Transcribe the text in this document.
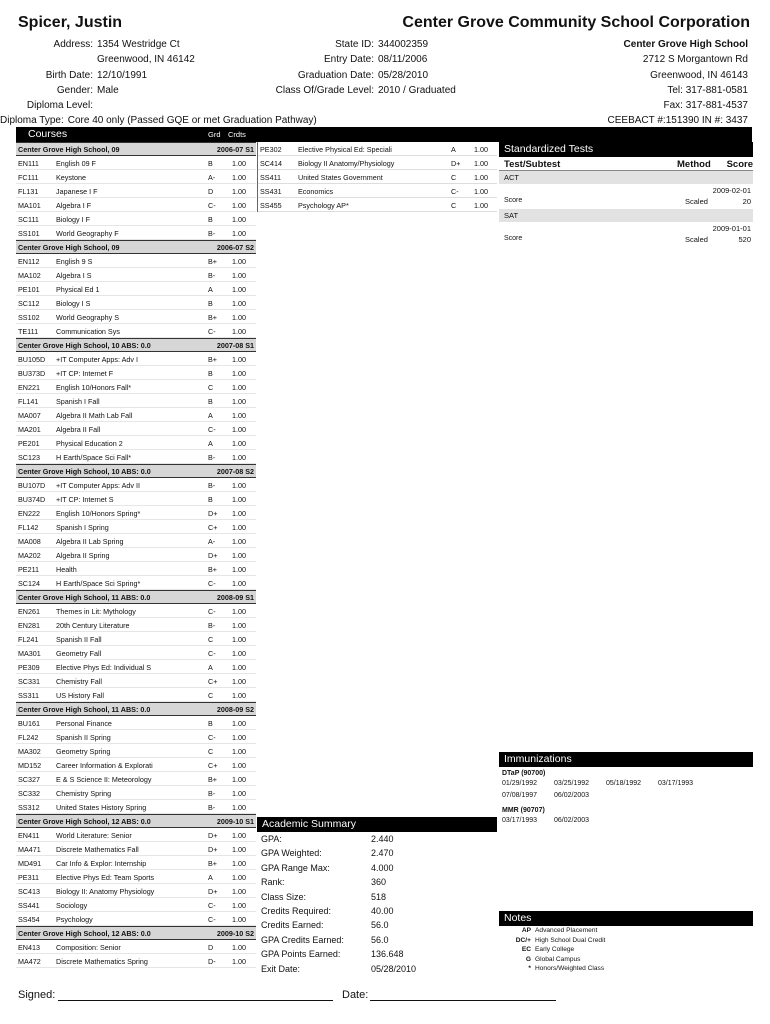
Spicer, Justin	Center Grove Community School Corporation
Address: 1354 Westridge Ct
Greenwood, IN 46142
Birth Date: 12/10/1991
Gender: Male
Diploma Level:
Diploma Type: Core 40 only (Passed GQE or met Graduation Pathway)
State ID: 344002359
Entry Date: 08/11/2006
Graduation Date: 05/28/2010
Class Of/Grade Level: 2010 / Graduated
Center Grove High School
2712 S Morgantown Rd
Greenwood, IN 46143
Tel: 317-881-0581
Fax: 317-881-4537
CEEBACT #:151390 IN #: 3437
Courses	Grd Crdts
Center Grove High School, 09	2006-07 S1
EN111 English 09 F	B	1.00
FC111 Keystone	A- 1.00
FL131 Japanese I F	D	1.00
MA101 Algebra I F	C- 1.00
SC111 Biology I F	B	1.00
SS101 World Geography F	B- 1.00
Center Grove High School, 09	2006-07 S2
EN112 English 9 S	B+ 1.00
MA102 Algebra I S	B- 1.00
PE101 Physical Ed 1	A	1.00
SC112 Biology I S	B	1.00
SS102 World Geography S	B+ 1.00
TE111 Communication Sys	C- 1.00
Center Grove High School, 10 ABS: 0.0	2007-08 S1
BU105D +IT Computer Apps: Adv I	B+ 1.00
BU373D +IT CP: Internet F	B	1.00
EN221 English 10/Honors Fall*	C	1.00
FL141 Spanish I Fall	B	1.00
MA007 Algebra II Math Lab Fall	A	1.00
MA201 Algebra II Fall	C- 1.00
PE201 Physical Education 2	A	1.00
SC123 H Earth/Space Sci Fall*	B- 1.00
Center Grove High School, 10 ABS: 0.0	2007-08 S2
BU107D +IT Computer Apps: Adv II	B- 1.00
BU374D +IT CP: Internet S	B	1.00
EN222 English 10/Honors Spring*	D+ 1.00
FL142 Spanish I Spring	C+ 1.00
MA008 Algebra II Lab Spring	A- 1.00
MA202 Algebra II Spring	D+ 1.00
PE211 Health	B+ 1.00
SC124 H Earth/Space Sci Spring*	C- 1.00
Center Grove High School, 11 ABS: 0.0	2008-09 S1
EN261 Themes in Lit: Mythology	C- 1.00
EN281 20th Century Literature	B- 1.00
FL241 Spanish II Fall	C	1.00
MA301 Geometry Fall	C- 1.00
PE309 Elective Phys Ed: Individual S	A	1.00
SC331 Chemistry Fall	C+ 1.00
SS311 US History Fall	C	1.00
Center Grove High School, 11 ABS: 0.0	2008-09 S2
BU161 Personal Finance	B	1.00
FL242 Spanish II Spring	C- 1.00
MA302 Geometry Spring	C	1.00
MD152 Career Information & Explorati	C+ 1.00
SC327 E & S Science II: Meteorology	B+ 1.00
SC332 Chemistry Spring	B- 1.00
SS312 United States History Spring	B- 1.00
Center Grove High School, 12 ABS: 0.0	2009-10 S1
EN411 World Literature: Senior	D+ 1.00
MA471 Discrete Mathematics Fall	D+ 1.00
MD491 Car Info & Explor: Internship	B+ 1.00
PE311 Elective Phys Ed: Team Sports	A	1.00
SC413 Biology II: Anatomy Physiology	D+ 1.00
SS441 Sociology	C- 1.00
SS454 Psychology	C- 1.00
Center Grove High School, 12 ABS: 0.0	2009-10 S2
EN413 Composition: Senior	D	1.00
MA472 Discrete Mathematics Spring	D- 1.00
PE302 Elective Physical Ed: Speciali	A	1.00
SC414 Biology II Anatomy/Physiology	D+ 1.00
SS411 United States Government	C 1.00
SS431 Economics	C- 1.00
SS455 Psychology AP*	C 1.00
Standardized Tests
Test/Subtest	Method Score
ACT
2009-02-01
Score	Scaled	20
SAT
2009-01-01
Score	Scaled	520
Immunizations
DTaP (90700)
01/29/1992	03/25/1992	05/18/1992	03/17/1993
07/08/1997	06/02/2003
MMR (90707)
03/17/1993	06/02/2003
Academic Summary
GPA:	2.440
GPA Weighted:	2.470
GPA Range Max:	4.000
Rank:	360
Class Size:	518
Credits Required:	40.00
Credits Earned:	56.0
GPA Credits Earned:	56.0
GPA Points Earned:	136.648
Exit Date:	05/28/2010
Notes
AP Advanced Placement
DC/+ High School Dual Credit
EC Early College
G Global Campus
* Honors/Weighted Class
Signed:	Date:
